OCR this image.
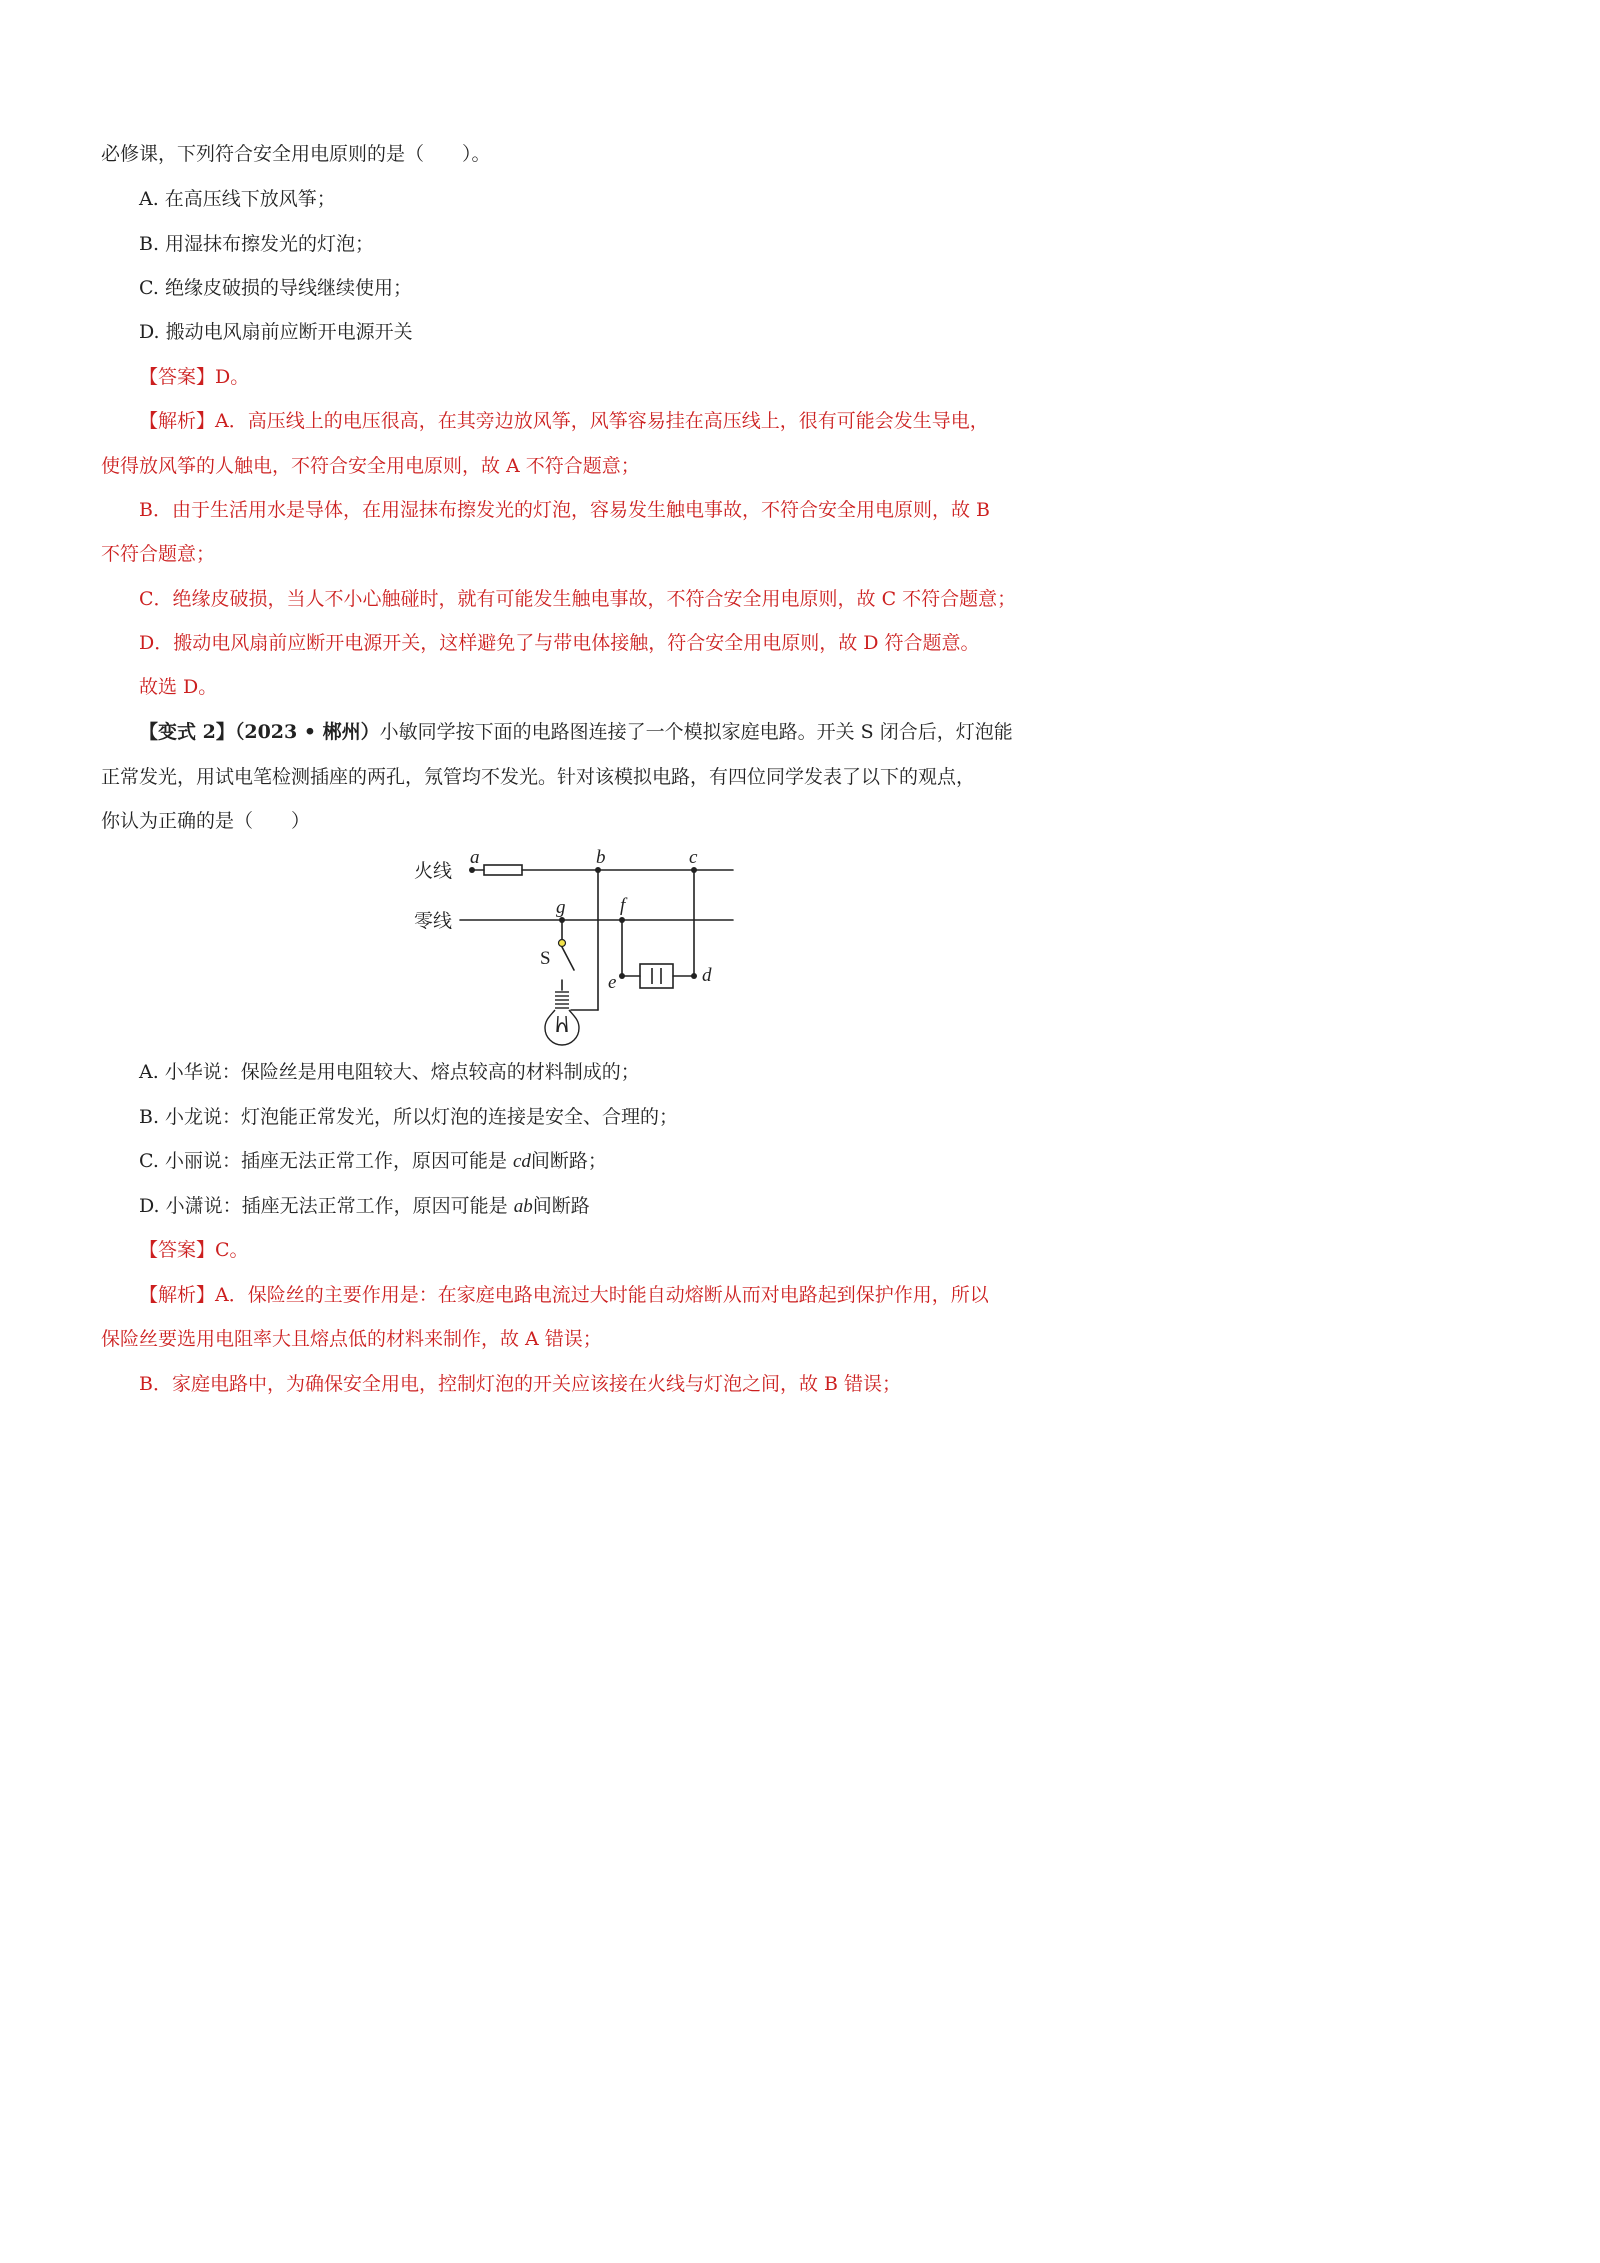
必修课，下列符合安全用电原则的是（　　）。
A. 在高压线下放风筝；
B. 用湿抹布擦发光的灯泡；
C. 绝缘皮破损的导线继续使用；
D. 搬动电风扇前应断开电源开关
【答案】D。
【解析】A．高压线上的电压很高，在其旁边放风筝，风筝容易挂在高压线上，很有可能会发生导电，
使得放风筝的人触电，不符合安全用电原则，故 A 不符合题意；
B．由于生活用水是导体，在用湿抹布擦发光的灯泡，容易发生触电事故，不符合安全用电原则，故 B
不符合题意；
C．绝缘皮破损，当人不小心触碰时，就有可能发生触电事故，不符合安全用电原则，故 C 不符合题意；
D．搬动电风扇前应断开电源开关，这样避免了与带电体接触，符合安全用电原则，故 D 符合题意。
故选 D。
【变式 2】（2023 • 郴州）小敏同学按下面的电路图连接了一个模拟家庭电路。开关 S 闭合后，灯泡能
正常发光，用试电笔检测插座的两孔，氖管均不发光。针对该模拟电路，有四位同学发表了以下的观点，
你认为正确的是（　　）
火线
零线
S
a	b	c
g	f
e	d
A. 小华说：保险丝是用电阻较大、熔点较高的材料制成的；
B. 小龙说：灯泡能正常发光，所以灯泡的连接是安全、合理的；
C. 小丽说：插座无法正常工作，原因可能是 cd间断路；
D. 小潇说：插座无法正常工作，原因可能是 ab间断路
【答案】C。
【解析】A．保险丝的主要作用是：在家庭电路电流过大时能自动熔断从而对电路起到保护作用，所以
保险丝要选用电阻率大且熔点低的材料来制作，故 A 错误；
B．家庭电路中，为确保安全用电，控制灯泡的开关应该接在火线与灯泡之间，故 B 错误；
